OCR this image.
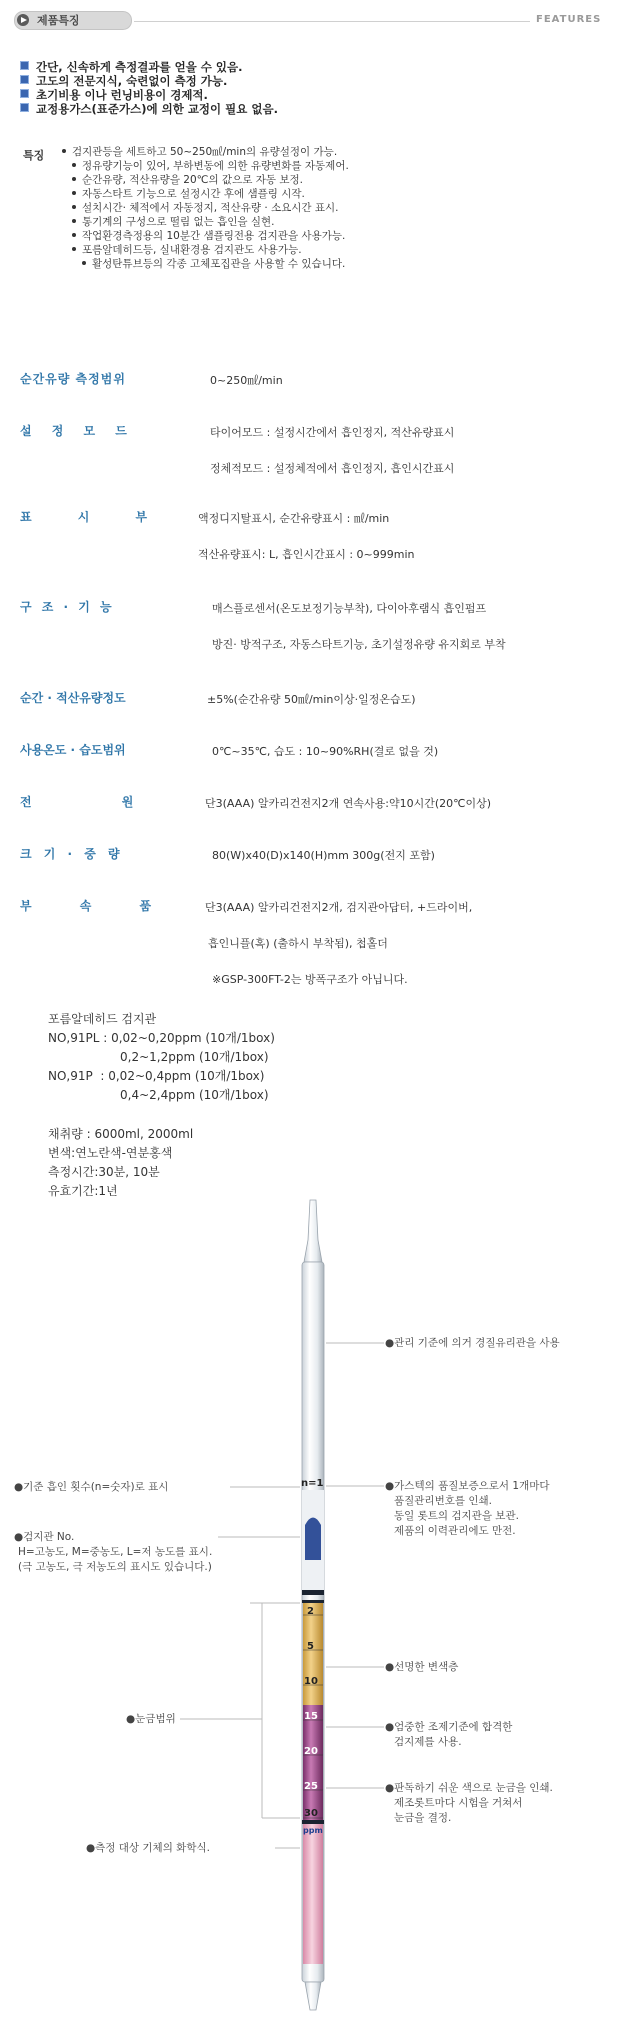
제품특징	FEATURES
간단, 신속하게 측정결과를 얻을 수 있음.
고도의 전문지식, 숙련없이 측정 가능.
초기비용 이나 런닝비용이 경제적.
교정용가스(표준가스)에 의한 교정이 필요 없음.
특징	검지관등을 세트하고 50~250㎖/min의 유량설정이 가능.
정유량기능이 있어, 부하변동에 의한 유량변화를 자동제어.
순간유량, 적산유량을 20℃의 값으로 자동 보정.
자동스타트 기능으로 설정시간 후에 샘플링 시작.
설치시간· 체적에서 자동정지, 적산유량 · 소요시간 표시.
통기계의 구성으로 떨림 없는 흡인을 실현.
작업환경측정용의 10분간 샘플링전용 검지관을 사용가능.
포름알데히드등, 실내환경용 검지관도 사용가능.
활성탄튜브등의 각종 고체포집관을 사용할 수 있습니다.
순간유량 측정범위	0~250㎖/min
설 정 모 드	타이어모드 : 설정시간에서 흡인정지, 적산유량표시
정체적모드 : 설정체적에서 흡인정지, 흡인시간표시
표 시 부	액정디지탈표시, 순간유량표시 : ㎖/min
적산유량표시: L, 흡인시간표시 : 0~999min
구 조 · 기 능	매스플로센서(온도보정기능부착), 다이아후램식 흡인펌프
방진· 방적구조, 자동스타트기능, 초기설정유량 유지회로 부착
순간 · 적산유량정도	±5%(순간유량 50㎖/min이상·일정온습도)
사용온도 · 습도범위	0℃~35℃, 습도 : 10~90%RH(결로 없을 것)
전 원	단3(AAA) 알카리건전지2개 연속사용:약10시간(20℃이상)
크 기 · 중 량	80(W)x40(D)x140(H)mm 300g(전지 포함)
부 속 품	단3(AAA) 알카리건전지2개, 검지관아답터, +드라이버,
흡인니플(혹) (출하시 부착됨), 첩홀더
※GSP-300FT-2는 방폭구조가 아닙니다.
포름알데히드 검지관
NO,91PL : 0,02~0,20ppm (10개/1box)
0,2~1,2ppm (10개/1box)
NO,91P  : 0,02~0,4ppm (10개/1box)
0,4~2,4ppm (10개/1box)
채취량 : 6000ml, 2000ml
변색:연노란색-연분홍색
측정시간:30분, 10분
유효기간:1년
n=1
2
5
10
15
20
25
30
ppm
●관리 기준에 의거 경질유리관을 사용
●가스텍의 품질보증으로서 1개마다
품질관리번호를 인쇄.
동일 롯트의 검지관을 보관.
제품의 이력관리에도 만전.
●선명한 변색층
●엄중한 조제기준에 합격한
검지제를 사용.
●판독하기 쉬운 색으로 눈금을 인쇄.
제조롯트마다 시험을 거쳐서
눈금을 결정.
●기준 흡인 횟수(n=숫자)로 표시
●검지관 No.
H=고농도, M=중농도, L=저 농도를 표시.
(극 고농도, 극 저농도의 표시도 있습니다.)
●눈금범위
●측정 대상 기체의 화학식.
